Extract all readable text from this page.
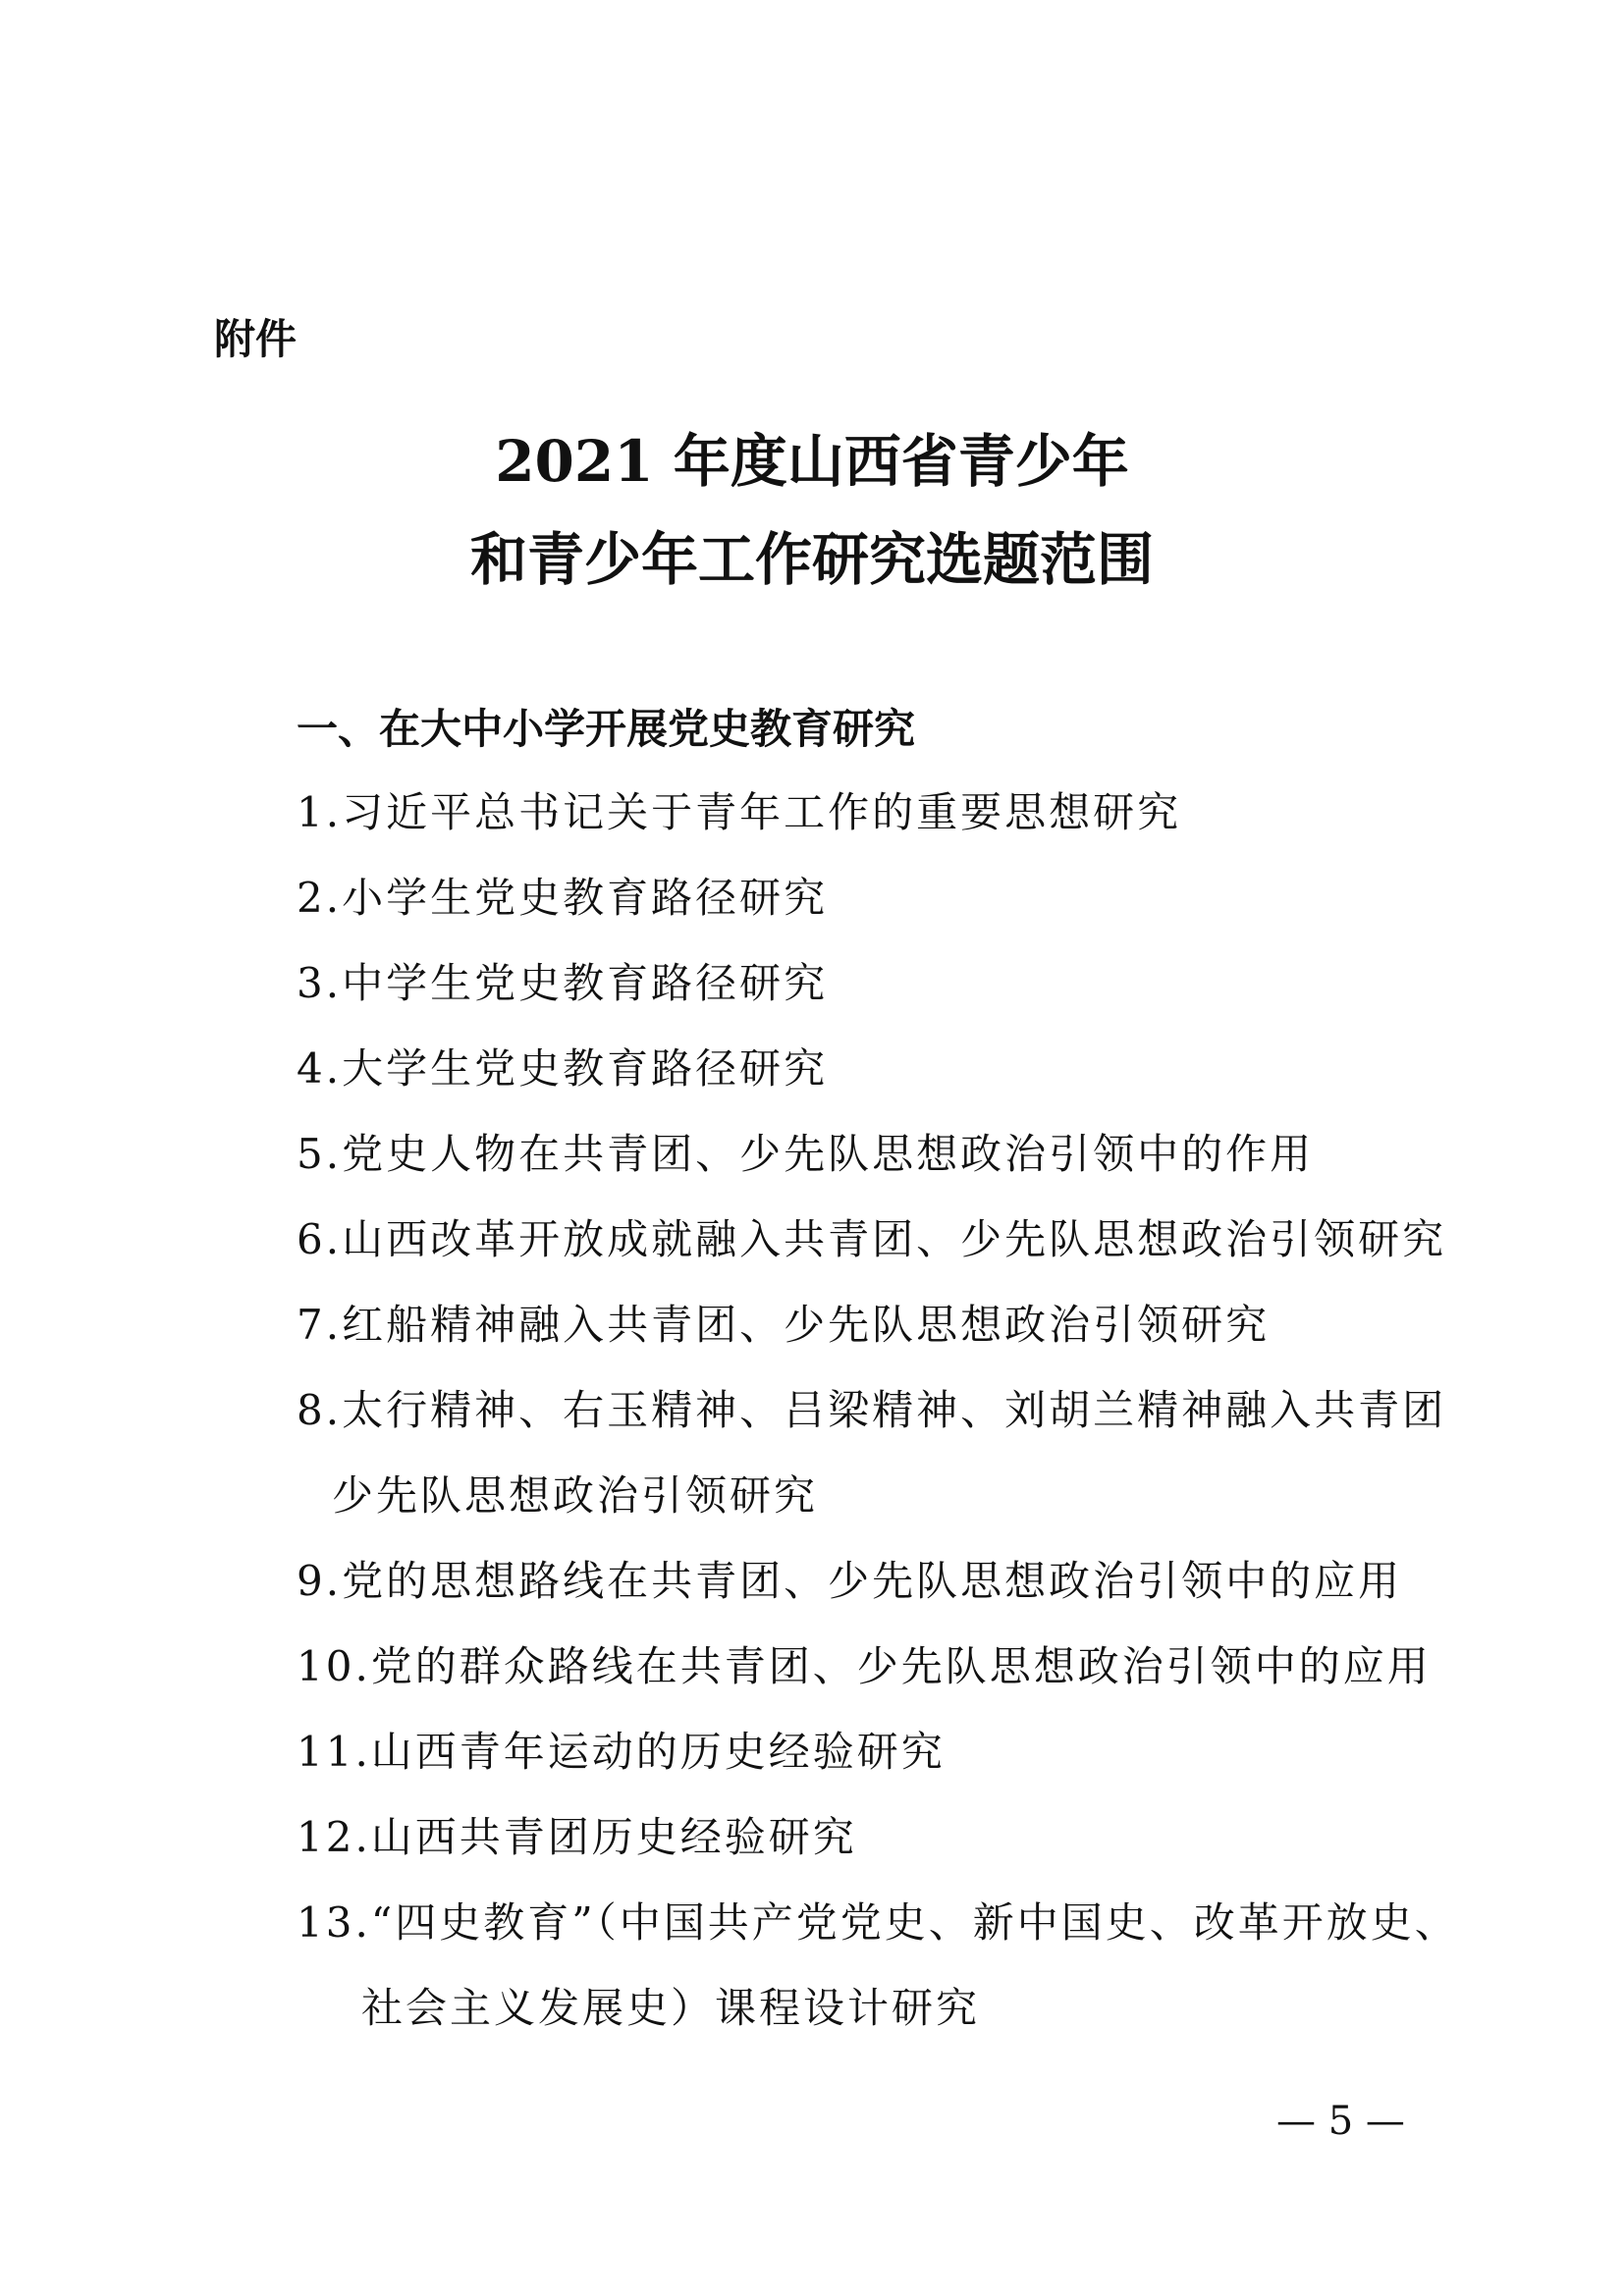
附件

2021 年度山西省青少年
和青少年工作研究选题范围
一、在大中小学开展党史教育研究

1.习近平总书记关于青年工作的重要思想研究

2.小学生党史教育路径研究

3.中学生党史教育路径研究

4.大学生党史教育路径研究

5.党史人物在共青团、少先队思想政治引领中的作用

6.山西改革开放成就融入共青团、少先队思想政治引领研究

7.红船精神融入共青团、少先队思想政治引领研究

8.太行精神、右玉精神、吕梁精神、刘胡兰精神融入共青团

少先队思想政治引领研究

9.党的思想路线在共青团、少先队思想政治引领中的应用

10.党的群众路线在共青团、少先队思想政治引领中的应用

11.山西青年运动的历史经验研究

12.山西共青团历史经验研究

13.“四史教育”（中国共产党党史、新中国史、改革开放史、

社会主义发展史）课程设计研究

— 5 —
